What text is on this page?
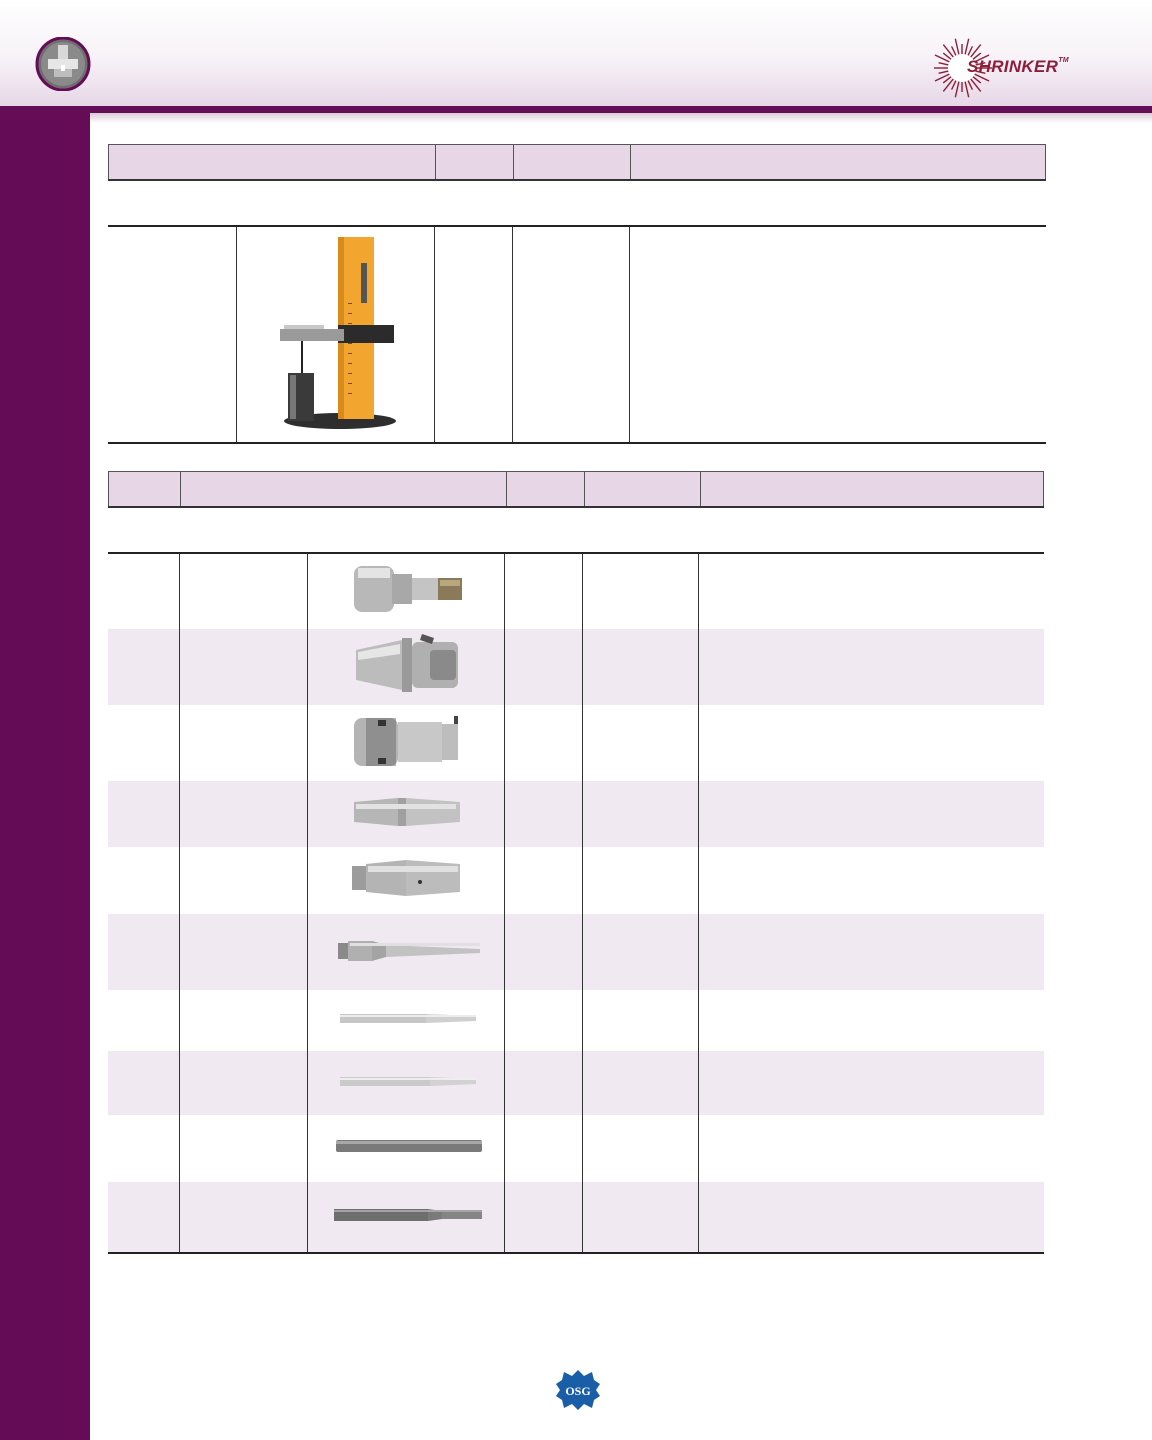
SHRINKER™

OSG
